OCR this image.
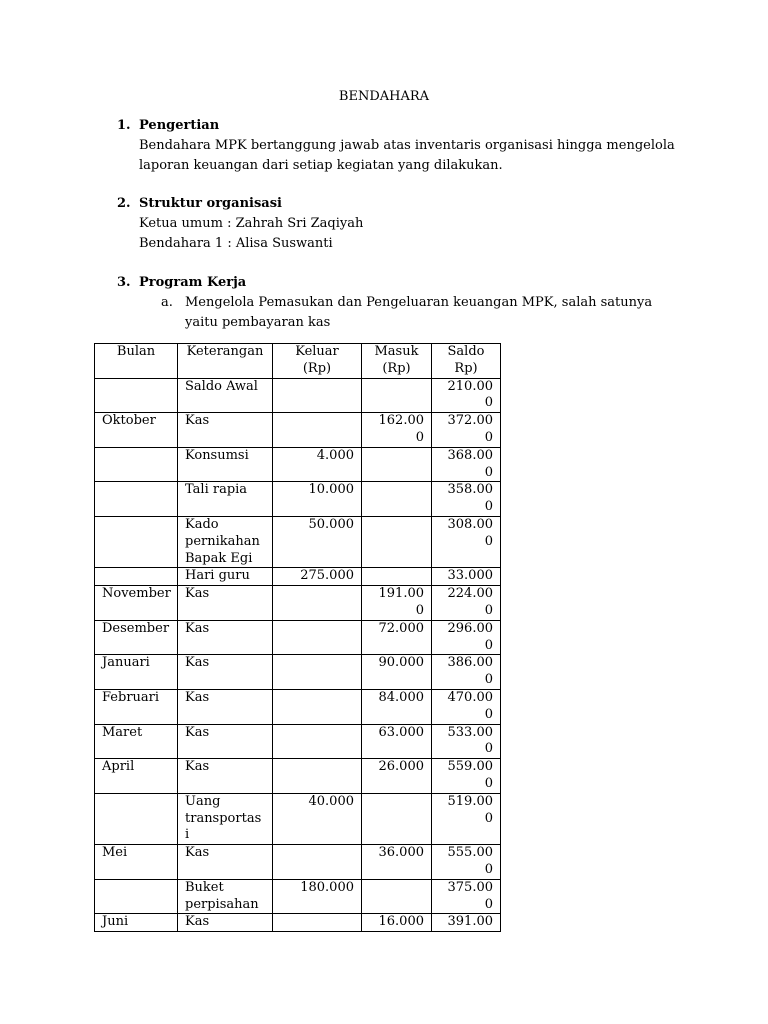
BENDAHARA
1. Pengertian
Bendahara MPK bertanggung jawab atas inventaris organisasi hingga mengelola laporan keuangan dari setiap kegiatan yang dilakukan.
2. Struktur organisasi
Ketua umum : Zahrah Sri Zaqiyah
Bendahara 1 : Alisa Suswanti
3. Program Kerja
a. Mengelola Pemasukan dan Pengeluaran keuangan MPK, salah satunya yaitu pembayaran kas
Bulan	Keterangan	Keluar (Rp)	Masuk (Rp)	Saldo Rp)

	Saldo Awal			210.000

Oktober	Kas		162.000	372.000

	Konsumsi	4.000		368.000

	Tali rapia	10.000		358.000

	Kado pernikahan Bapak Egi	50.000		308.000

	Hari guru	275.000		33.000

November	Kas		191.000	224.000

Desember	Kas		72.000	296.000

Januari	Kas		90.000	386.000

Februari	Kas		84.000	470.000

Maret	Kas		63.000	533.000

April	Kas		26.000	559.000

	Uang transportasi	40.000		519.000

Mei	Kas		36.000	555.000

	Buket perpisahan	180.000		375.000

Juni	Kas		16.000	391.00
